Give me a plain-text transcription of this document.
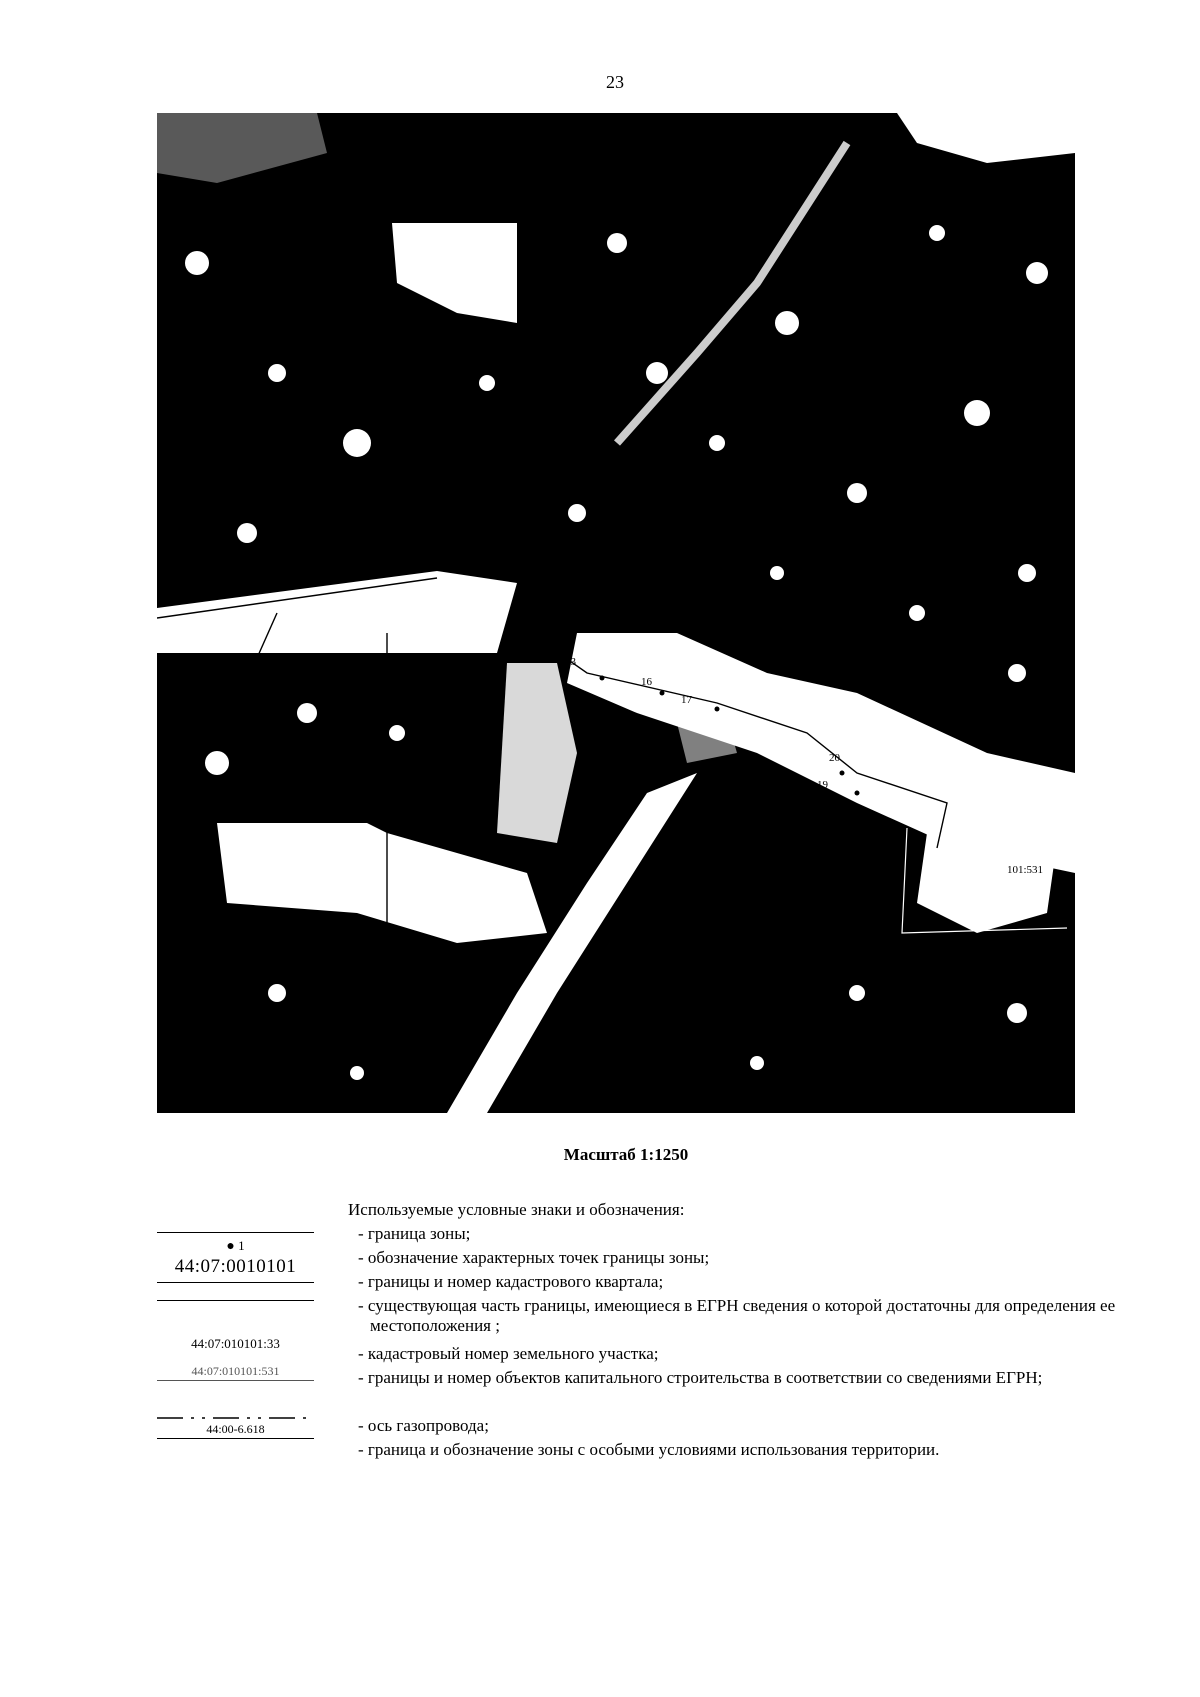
23
13
16
17
20
19
44
101:531
Масштаб 1:1250
Используемые условные знаки и обозначения:
- граница зоны;
- обозначение характерных точек границы зоны;
- границы и номер кадастрового квартала;
- существующая часть границы, имеющиеся в ЕГРН сведения о которой достаточны для определения ее местоположения ;
- кадастровый номер земельного участка;
- границы и номер объектов капитального строительства в соответствии со сведениями ЕГРН;
- ось газопровода;
- граница и обозначение зоны с особыми условиями использования территории.
● 1
44:07:0010101
44:07:010101:33
44:07:010101:531
44:00-6.618
